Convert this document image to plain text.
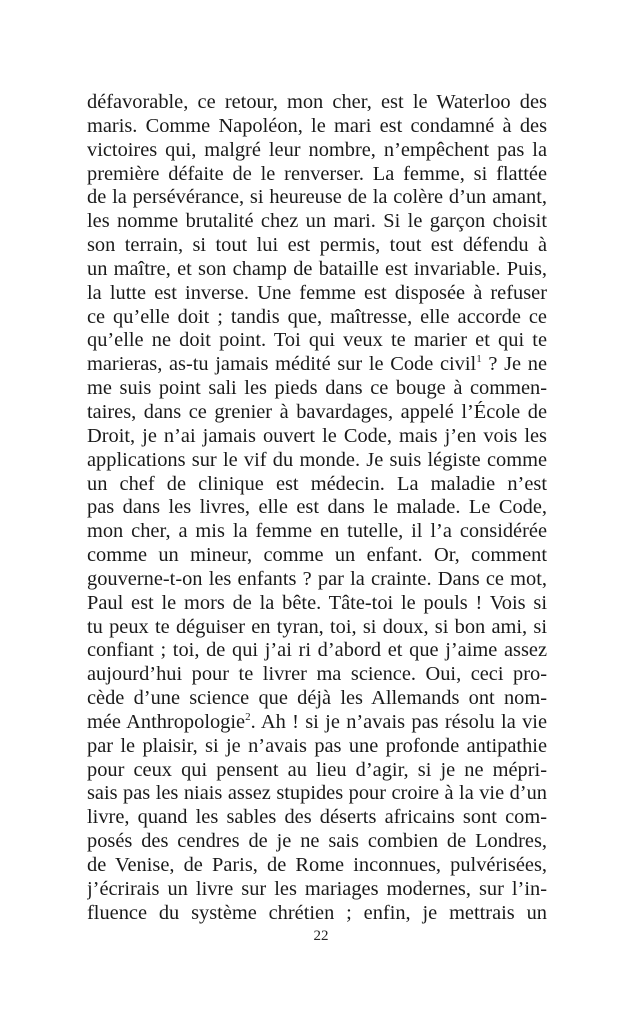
défavorable, ce retour, mon cher, est le Waterloo des
maris. Comme Napoléon, le mari est condamné à des
victoires qui, malgré leur nombre, n’empêchent pas la
première défaite de le renverser. La femme, si flattée
de la persévérance, si heureuse de la colère d’un amant,
les nomme brutalité chez un mari. Si le garçon choisit
son terrain, si tout lui est permis, tout est défendu à
un maître, et son champ de bataille est invariable. Puis,
la lutte est inverse. Une femme est disposée à refuser
ce qu’elle doit ; tandis que, maîtresse, elle accorde ce
qu’elle ne doit point. Toi qui veux te marier et qui te
marieras, as-tu jamais médité sur le Code civil$^1$ ? Je ne
me suis point sali les pieds dans ce bouge à commen-
taires, dans ce grenier à bavardages, appelé l’École de
Droit, je n’ai jamais ouvert le Code, mais j’en vois les
applications sur le vif du monde. Je suis légiste comme
un chef de clinique est médecin. La maladie n’est
pas dans les livres, elle est dans le malade. Le Code,
mon cher, a mis la femme en tutelle, il l’a considérée
comme un mineur, comme un enfant. Or, comment
gouverne-t-on les enfants ? par la crainte. Dans ce mot,
Paul est le mors de la bête. Tâte-toi le pouls ! Vois si
tu peux te déguiser en tyran, toi, si doux, si bon ami, si
confiant ; toi, de qui j’ai ri d’abord et que j’aime assez
aujourd’hui pour te livrer ma science. Oui, ceci pro-
cède d’une science que déjà les Allemands ont nom-
mée Anthropologie$^2$. Ah ! si je n’avais pas résolu la vie
par le plaisir, si je n’avais pas une profonde antipathie
pour ceux qui pensent au lieu d’agir, si je ne mépri-
sais pas les niais assez stupides pour croire à la vie d’un
livre, quand les sables des déserts africains sont com-
posés des cendres de je ne sais combien de Londres,
de Venise, de Paris, de Rome inconnues, pulvérisées,
j’écrirais un livre sur les mariages modernes, sur l’in-
fluence du système chrétien ; enfin, je mettrais un
22
